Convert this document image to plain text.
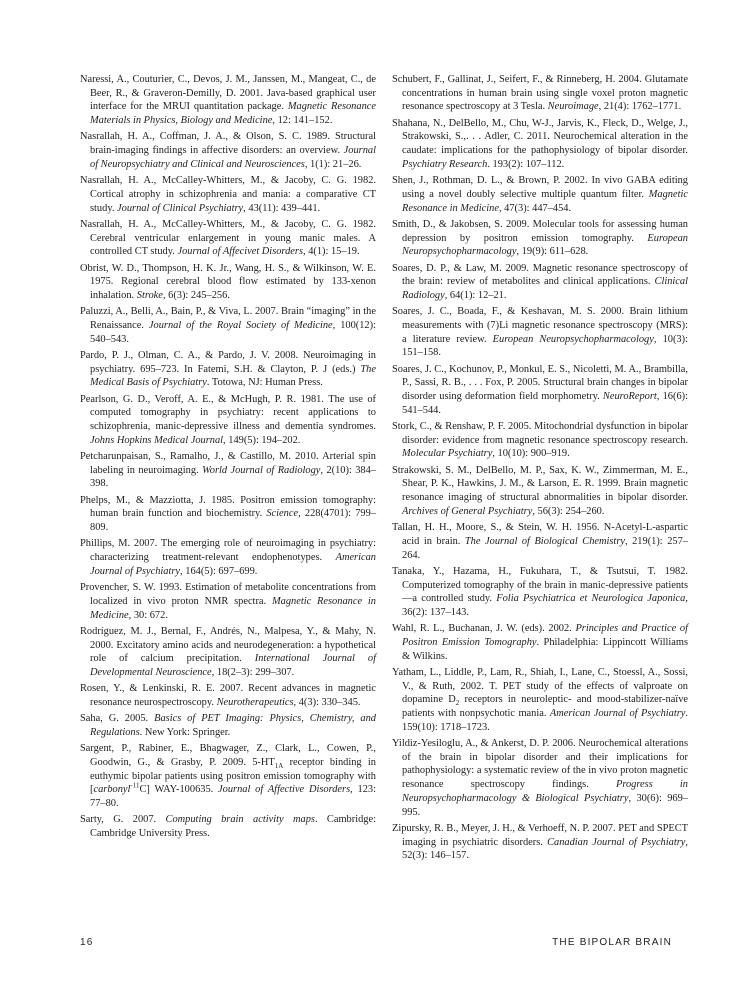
Naressi, A., Couturier, C., Devos, J. M., Janssen, M., Mangeat, C., de Beer, R., & Graveron-Demilly, D. 2001. Java-based graphical user interface for the MRUI quantitation package. Magnetic Resonance Materials in Physics, Biology and Medicine, 12: 141–152.

Nasrallah, H. A., Coffman, J. A., & Olson, S. C. 1989. Structural brain-imaging findings in affective disorders: an overview. Journal of Neuropsychiatry and Clinical and Neurosciences, 1(1): 21–26.

Nasrallah, H. A., McCalley-Whitters, M., & Jacoby, C. G. 1982. Cortical atrophy in schizophrenia and mania: a comparative CT study. Journal of Clinical Psychiatry, 43(11): 439–441.

Nasrallah, H. A., McCalley-Whitters, M., & Jacoby, C. G. 1982. Cerebral ventricular enlargement in young manic males. A controlled CT study. Journal of Affecivet Disorders, 4(1): 15–19.

Obrist, W. D., Thompson, H. K. Jr., Wang, H. S., & Wilkinson, W. E. 1975. Regional cerebral blood flow estimated by 133-xenon inhalation. Stroke, 6(3): 245–256.

Paluzzi, A., Belli, A., Bain, P., & Viva, L. 2007. Brain “imaging” in the Renaissance. Journal of the Royal Society of Medicine, 100(12): 540–543.

Pardo, P. J., Olman, C. A., & Pardo, J. V. 2008. Neuroimaging in psychiatry. 695–723. In Fatemi, S.H. & Clayton, P. J (eds.) The Medical Basis of Psychiatry. Totowa, NJ: Human Press.

Pearlson, G. D., Veroff, A. E., & McHugh, P. R. 1981. The use of computed tomography in psychiatry: recent applications to schizophrenia, manic-depressive illness and dementia syndromes. Johns Hopkins Medical Journal, 149(5): 194–202.

Petcharunpaisan, S., Ramalho, J., & Castillo, M. 2010. Arterial spin labeling in neuroimaging. World Journal of Radiology, 2(10): 384–398.

Phelps, M., & Mazziotta, J. 1985. Positron emission tomography: human brain function and biochemistry. Science, 228(4701): 799–809.

Phillips, M. 2007. The emerging role of neuroimaging in psychiatry: characterizing treatment-relevant endophenotypes. American Journal of Psychiatry, 164(5): 697–699.

Provencher, S. W. 1993. Estimation of metabolite concentrations from localized in vivo proton NMR spectra. Magnetic Resonance in Medicine, 30: 672.

Rodríguez, M. J., Bernal, F., Andrés, N., Malpesa, Y., & Mahy, N. 2000. Excitatory amino acids and neurodegeneration: a hypothetical role of calcium precipitation. International Journal of Developmental Neuroscience, 18(2–3): 299–307.

Rosen, Y., & Lenkinski, R. E. 2007. Recent advances in magnetic resonance neurospectroscopy. Neurotherapeutics, 4(3): 330–345.

Saha, G. 2005. Basics of PET Imaging: Physics, Chemistry, and Regulations. New York: Springer.

Sargent, P., Rabiner, E., Bhagwager, Z., Clark, L., Cowen, P., Goodwin, G., & Grasby, P. 2009. $5-HT_{1A}$ receptor binding in euthymic bipolar patients using positron emission tomography with [carbonyl$^{-11}$C] WAY-100635. Journal of Affective Disorders, 123: 77–80.

Sarty, G. 2007. Computing brain activity maps. Cambridge: Cambridge University Press.

Schubert, F., Gallinat, J., Seifert, F., & Rinneberg, H. 2004. Glutamate concentrations in human brain using single voxel proton magnetic resonance spectroscopy at 3 Tesla. Neuroimage, 21(4): 1762–1771.

Shahana, N., DelBello, M., Chu, W-J., Jarvis, K., Fleck, D., Welge, J., Strakowski, S.,. . . Adler, C. 2011. Neurochemical alteration in the caudate: implications for the pathophysiology of bipolar disorder. Psychiatry Research. 193(2): 107–112.

Shen, J., Rothman, D. L., & Brown, P. 2002. In vivo GABA editing using a novel doubly selective multiple quantum filter. Magnetic Resonance in Medicine, 47(3): 447–454.

Smith, D., & Jakobsen, S. 2009. Molecular tools for assessing human depression by positron emission tomography. European Neuropsychopharmacology, 19(9): 611–628.

Soares, D. P., & Law, M. 2009. Magnetic resonance spectroscopy of the brain: review of metabolites and clinical applications. Clinical Radiology, 64(1): 12–21.

Soares, J. C., Boada, F., & Keshavan, M. S. 2000. Brain lithium measurements with (7)Li magnetic resonance spectroscopy (MRS): a literature review. European Neuropsychopharmacology, 10(3): 151–158.

Soares, J. C., Kochunov, P., Monkul, E. S., Nicoletti, M. A., Brambilla, P., Sassi, R. B., . . . Fox, P. 2005. Structural brain changes in bipolar disorder using deformation field morphometry. NeuroReport, 16(6): 541–544.

Stork, C., & Renshaw, P. F. 2005. Mitochondrial dysfunction in bipolar disorder: evidence from magnetic resonance spectroscopy research. Molecular Psychiatry, 10(10): 900–919.

Strakowski, S. M., DelBello, M. P., Sax, K. W., Zimmerman, M. E., Shear, P. K., Hawkins, J. M., & Larson, E. R. 1999. Brain magnetic resonance imaging of structural abnormalities in bipolar disorder. Archives of General Psychiatry, 56(3): 254–260.

Tallan, H. H., Moore, S., & Stein, W. H. 1956. N-Acetyl-L-aspartic acid in brain. The Journal of Biological Chemistry, 219(1): 257–264.

Tanaka, Y., Hazama, H., Fukuhara, T., & Tsutsui, T. 1982. Computerized tomography of the brain in manic-depressive patients—a controlled study. Folia Psychiatrica et Neurologica Japonica, 36(2): 137–143.

Wahl, R. L., Buchanan, J. W. (eds). 2002. Principles and Practice of Positron Emission Tomography. Philadelphia: Lippincott Williams & Wilkins.

Yatham, L., Liddle, P., Lam, R., Shiah, I., Lane, C., Stoessl, A., Sossi, V., & Ruth, 2002. T. PET study of the effects of valproate on dopamine $D_2$ receptors in neuroleptic- and mood-stabilizer-naïve patients with nonpsychotic mania. American Journal of Psychiatry. 159(10): 1718–1723.

Yildiz-Yesiloglu, A., & Ankerst, D. P. 2006. Neurochemical alterations of the brain in bipolar disorder and their implications for pathophysiology: a systematic review of the in vivo proton magnetic resonance spectroscopy findings. Progress in Neuropsychopharmacology & Biological Psychiatry, 30(6): 969–995.

Zipursky, R. B., Meyer, J. H., & Verhoeff, N. P. 2007. PET and SPECT imaging in psychiatric disorders. Canadian Journal of Psychiatry, 52(3): 146–157.

16	THE BIPOLAR BRAIN
